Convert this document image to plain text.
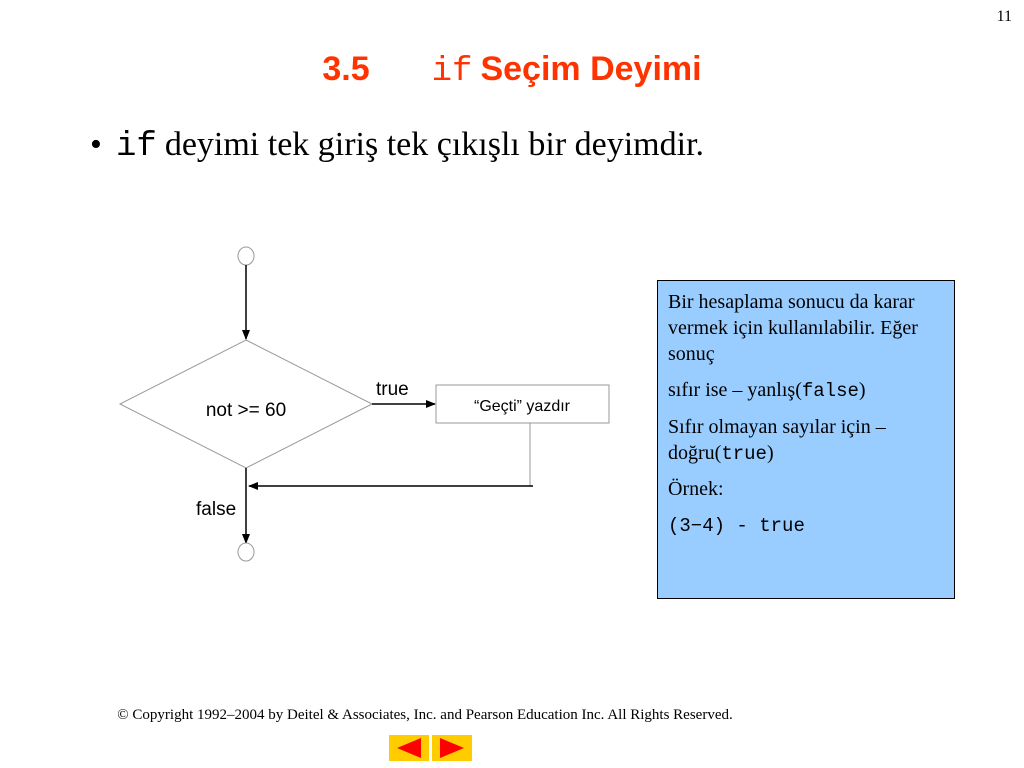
11
3.5 if Seçim Deyimi
• if deyimi tek giriş tek çıkışlı bir deyimdir.
not >= 60
true
“Geçti” yazdır
false

Bir hesaplama sonucu da karar vermek için kullanılabilir. Eğer sonuç

sıfır ise – yanlış(false)

Sıfır olmayan sayılar için – doğru(true)

Örnek:

(3−4) - true

© Copyright 1992–2004 by Deitel & Associates, Inc. and Pearson Education Inc. All Rights Reserved.
